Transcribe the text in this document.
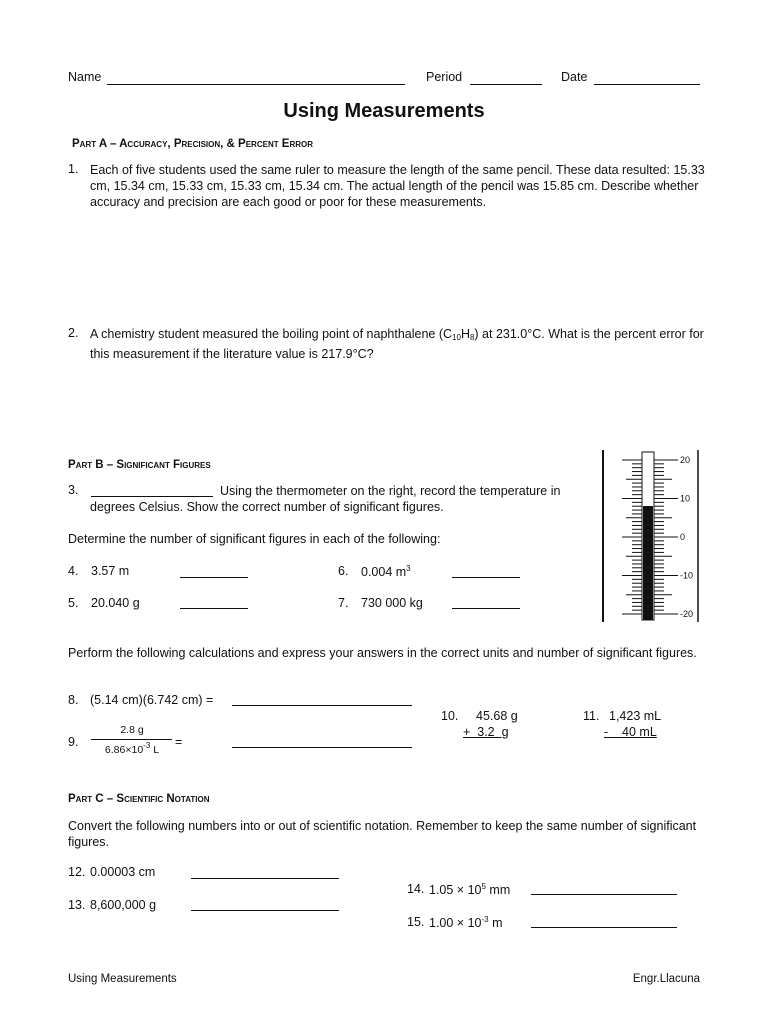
Name	Period	Date
Using Measurements
Part A – Accuracy, Precision, & Percent Error
1. Each of five students used the same ruler to measure the length of the same pencil. These data resulted: 15.33 cm, 15.34 cm, 15.33 cm, 15.33 cm, 15.34 cm. The actual length of the pencil was 15.85 cm. Describe whether accuracy and precision are each good or poor for these measurements.
2. A chemistry student measured the boiling point of naphthalene $(C_{10}H_8)$ at 231.0°C. What is the percent error for this measurement if the literature value is 217.9°C?
Part B – Significant Figures
3.	Using the thermometer on the right, record the temperature in degrees Celsius. Show the correct number of significant figures.
Determine the number of significant figures in each of the following:
4. 3.57 m	6. 0.004 $m^3$
5. 20.040 g	7. 730 000 kg
20
10
0
-10
-20
Perform the following calculations and express your answers in the correct units and number of significant figures.
8. (5.14 cm)(6.742 cm) =
9.
2.8 g
$6.86\times 10^{-3}$ L
=
10. 45.68 g
+  3.2  g
11. 1,423 mL
-    40 mL
Part C – Scientific Notation
Convert the following numbers into or out of scientific notation. Remember to keep the same number of significant figures.
12. 0.00003 cm
13. 8,600,000 g
14. $1.05 \times 10^5$ mm
15. $1.00 \times 10^{-3}$ m
Using Measurements	Engr.Llacuna
